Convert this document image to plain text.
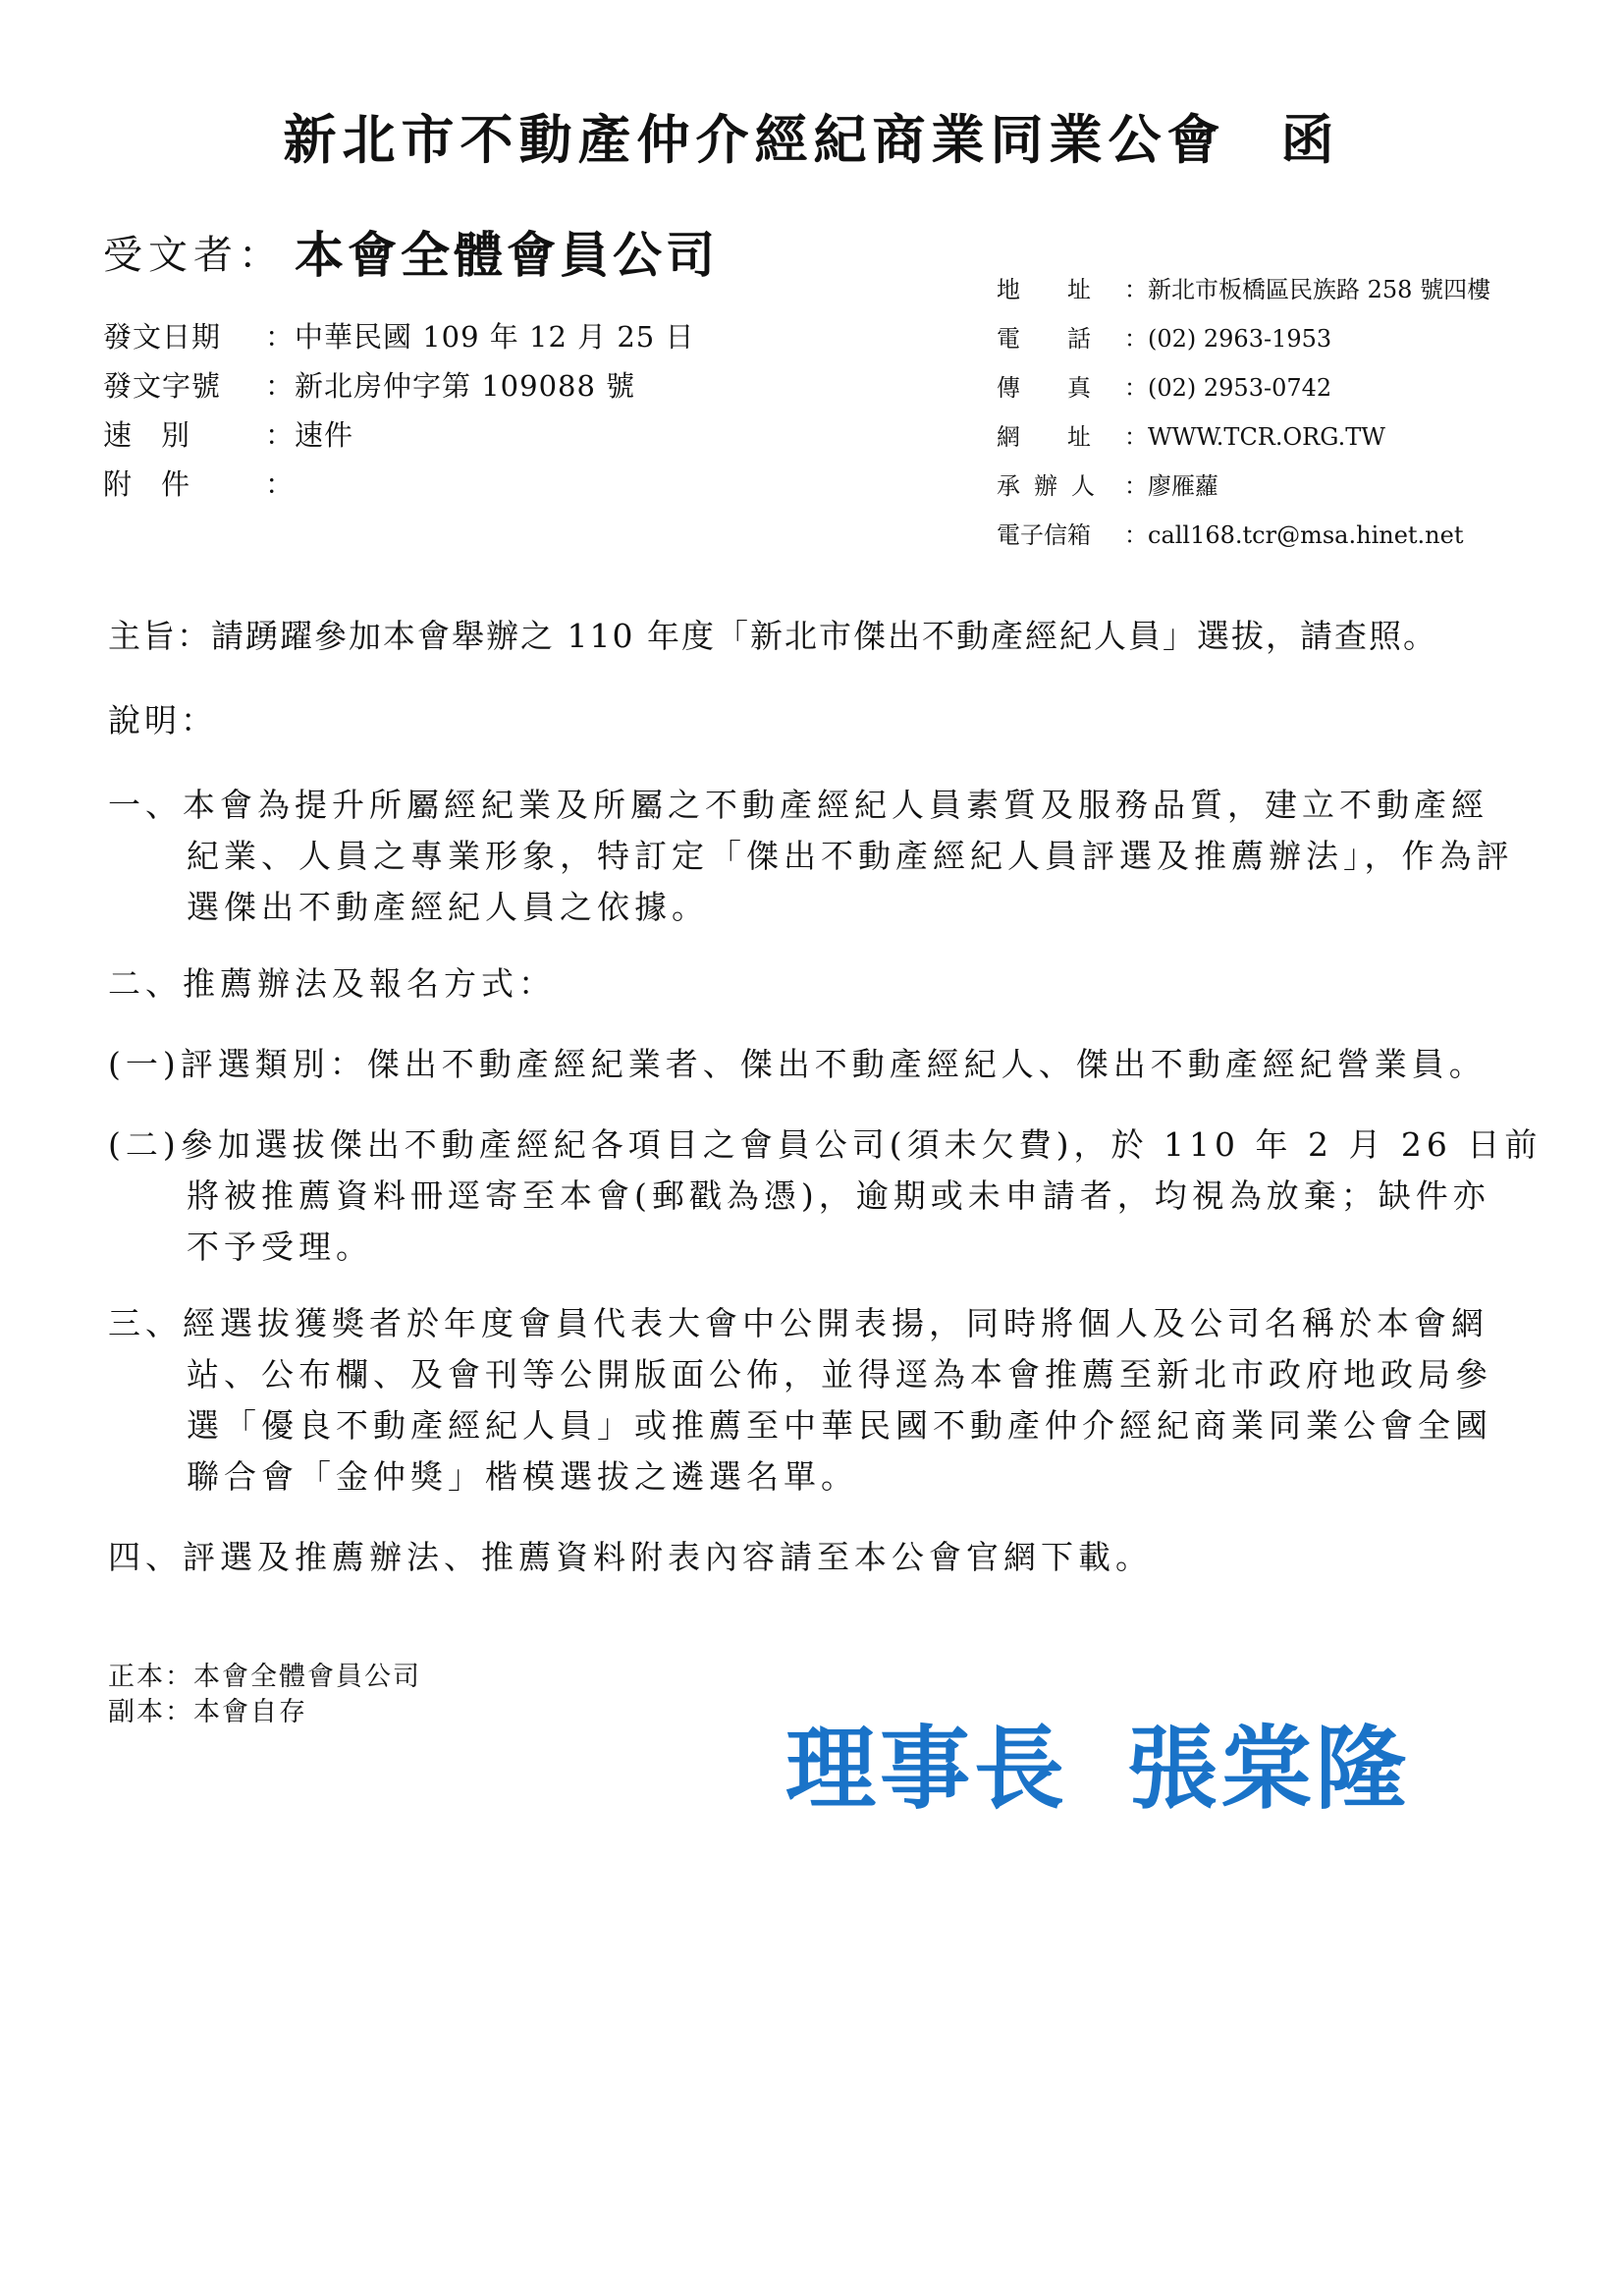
新北市不動產仲介經紀商業同業公會 函
受文者： 本會全體會員公司
發文日期 ：中華民國 109 年 12 月 25 日
發文字號 ：新北房仲字第 109088 號
速別 ：速件
附件 ：
地址：新北市板橋區民族路 258 號四樓
電話：(02) 2963-1953
傳真：(02) 2953-0742
網址：WWW.TCR.ORG.TW
承辦人 ：廖雁蘿
電子信箱 ：call168.tcr@msa.hinet.net
主旨：請踴躍參加本會舉辦之 110 年度「新北市傑出不動產經紀人員」選拔，請查照。
說明：
一、本會為提升所屬經紀業及所屬之不動產經紀人員素質及服務品質，建立不動產經
紀業、人員之專業形象，特訂定「傑出不動產經紀人員評選及推薦辦法」，作為評
選傑出不動產經紀人員之依據。
二、推薦辦法及報名方式：
(一)評選類別：傑出不動產經紀業者、傑出不動產經紀人、傑出不動產經紀營業員。
(二)參加選拔傑出不動產經紀各項目之會員公司(須未欠費)，於 110 年 2 月 26 日前
將被推薦資料冊逕寄至本會(郵戳為憑)，逾期或未申請者，均視為放棄；缺件亦
不予受理。
三、經選拔獲獎者於年度會員代表大會中公開表揚，同時將個人及公司名稱於本會網
站、公布欄、及會刊等公開版面公佈，並得逕為本會推薦至新北市政府地政局參
選「優良不動產經紀人員」或推薦至中華民國不動產仲介經紀商業同業公會全國
聯合會「金仲獎」楷模選拔之遴選名單。
四、評選及推薦辦法、推薦資料附表內容請至本公會官網下載。
正本：本會全體會員公司
副本：本會自存
理事長 張棠隆
